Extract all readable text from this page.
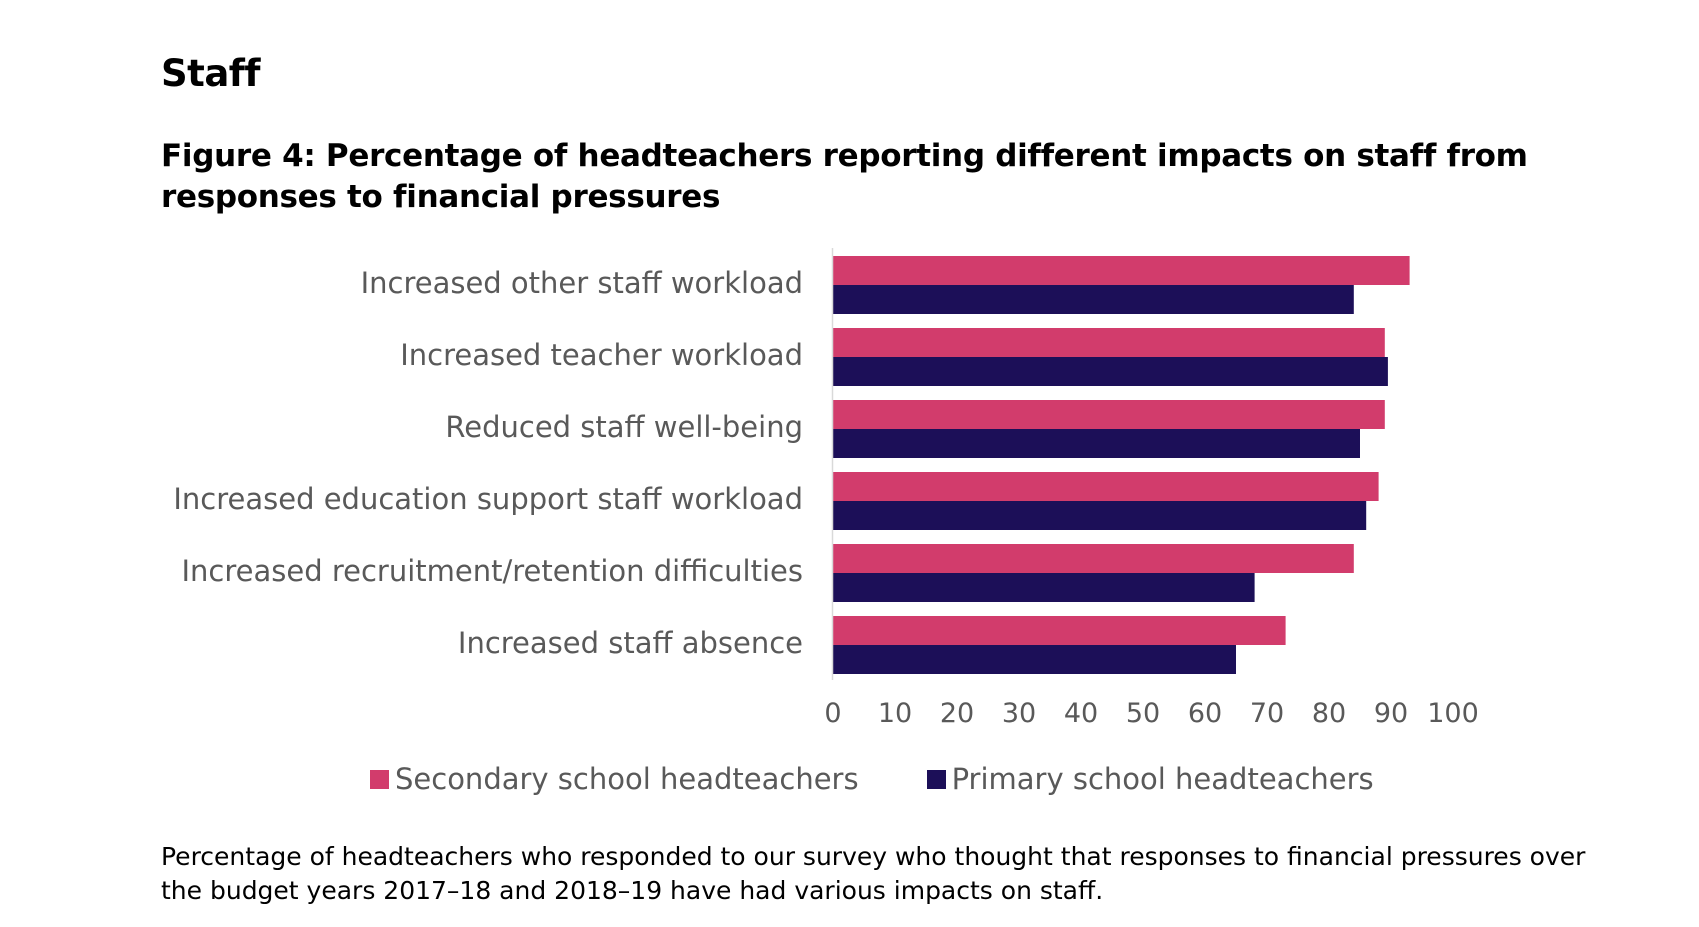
Staff
Figure 4: Percentage of headteachers reporting different impacts on staff from responses to financial pressures
Increased other staff workload
Increased teacher workload
Reduced staff well-being
Increased education support staff workload
Increased recruitment/retention difficulties
Increased staff absence
0 10 20 30 40 50 60 70 80 90 100
Secondary school headteachers	Primary school headteachers

Percentage of headteachers who responded to our survey who thought that responses to financial pressures over the budget years 2017–18 and 2018–19 have had various impacts on staff.
